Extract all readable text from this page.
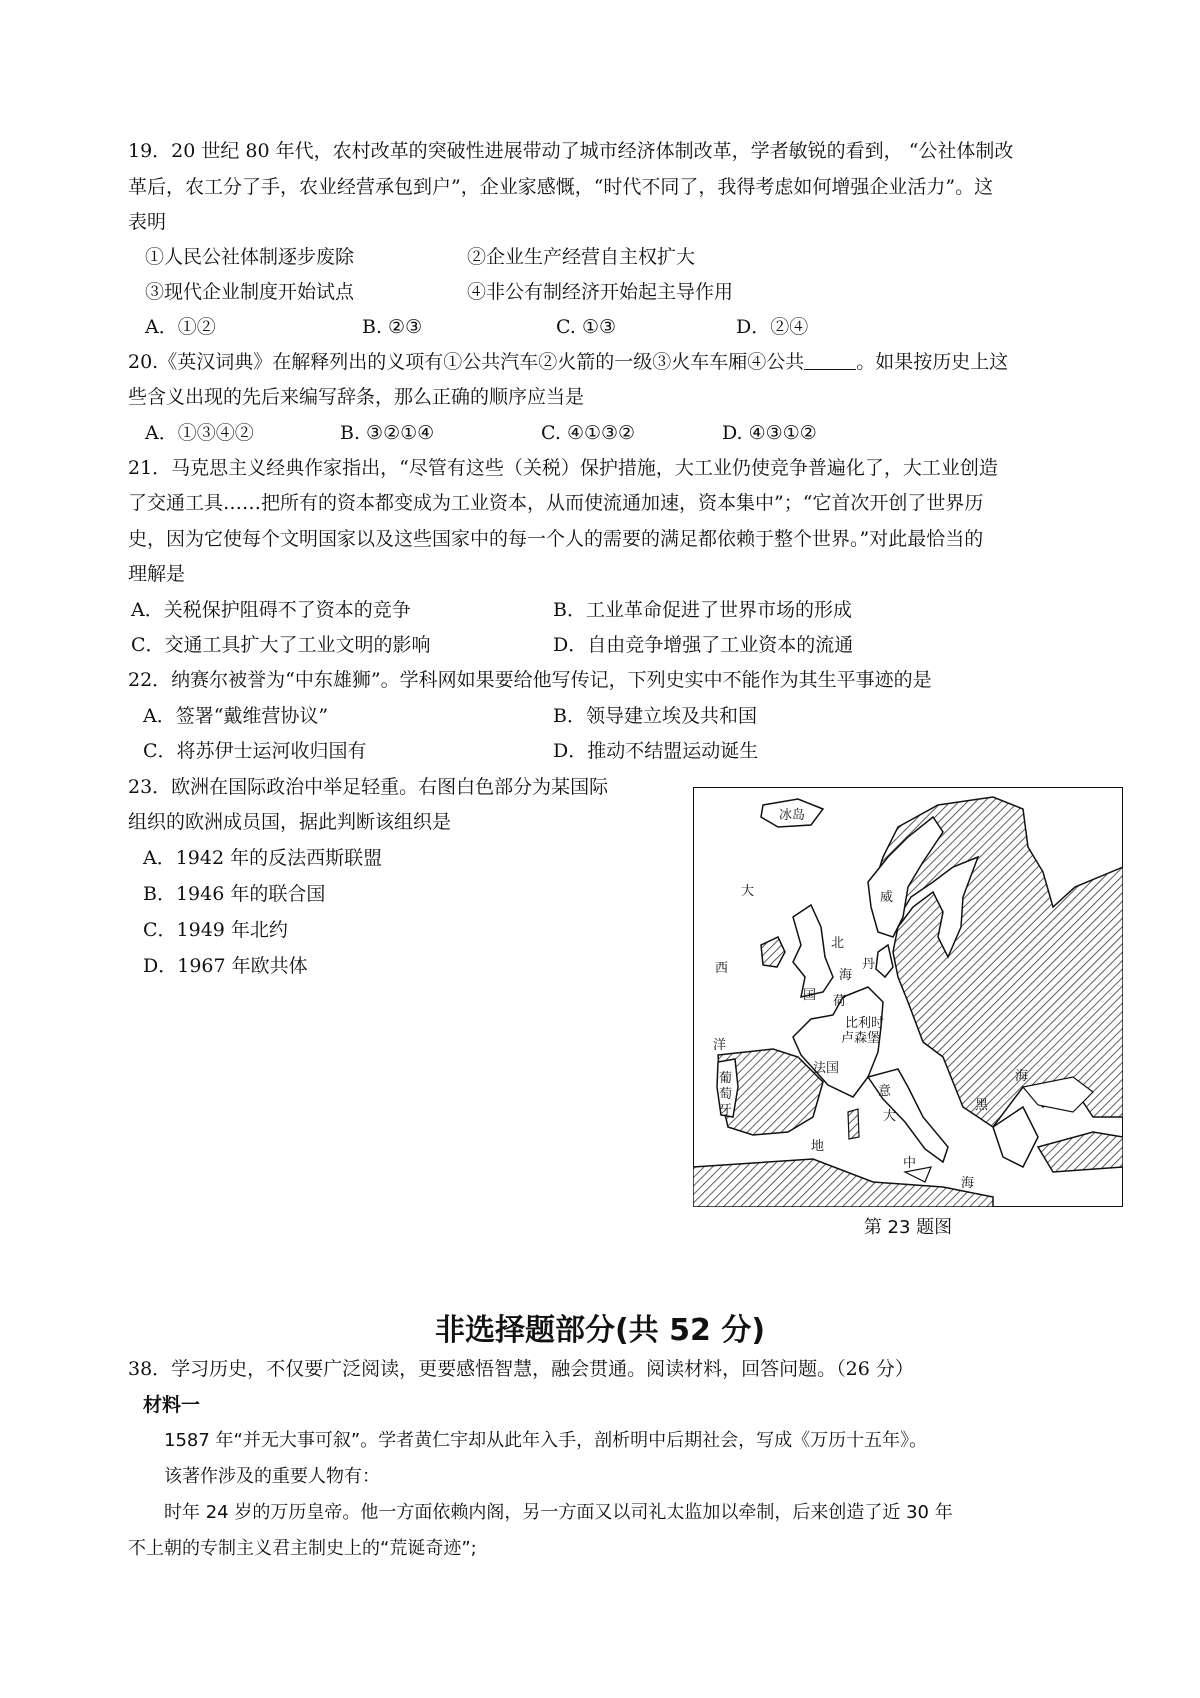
19．20 世纪 80 年代，农村改革的突破性进展带动了城市经济体制改革，学者敏锐的看到， “公社体制改
革后，农工分了手，农业经营承包到户”，企业家感慨，“时代不同了，我得考虑如何增强企业活力”。这
表明
①人民公社体制逐步废除	②企业生产经营自主权扩大
③现代企业制度开始试点	④非公有制经济开始起主导作用
A．①②	B. ②③	C. ①③	D．②④
20.《英汉词典》在解释列出的义项有①公共汽车②火箭的一级③火车车厢④公共	。如果按历史上这
些含义出现的先后来编写辞条，那么正确的顺序应当是
A．①③④②	B. ③②①④	C. ④①③②	D. ④③①②
21．马克思主义经典作家指出，“尽管有这些（关税）保护措施，大工业仍使竞争普遍化了，大工业创造
了交通工具……把所有的资本都变成为工业资本，从而使流通加速，资本集中”；“它首次开创了世界历
史，因为它使每个文明国家以及这些国家中的每一个人的需要的满足都依赖于整个世界。”对此最恰当的
理解是
A．关税保护阻碍不了资本的竞争	B．工业革命促进了世界市场的形成
C．交通工具扩大了工业文明的影响	D．自由竞争增强了工业资本的流通
22．纳赛尔被誉为“中东雄狮”。学科网如果要给他写传记，下列史实中不能作为其生平事迹的是
A．签署“戴维营协议”	B．领导建立埃及共和国
C．将苏伊士运河收归国有	D．推动不结盟运动诞生
23．欧洲在国际政治中举足轻重。右图白色部分为某国际
组织的欧洲成员国，据此判断该组织是
A．1942 年的反法西斯联盟
B．1946 年的联合国
C．1949 年北约
D．1967 年欧共体
冰岛
大
西
洋
威
北
海
丹
国 荷
比利时
卢森堡
法国
葡
萄
牙
意
大
地
中
海
黑
海
第 23 题图
非选择题部分(共 52 分)
38．学习历史，不仅要广泛阅读，更要感悟智慧，融会贯通。阅读材料，回答问题。（26 分）
材料一
1587 年“并无大事可叙”。学者黄仁宇却从此年入手，剖析明中后期社会，写成《万历十五年》。
该著作涉及的重要人物有：
时年 24 岁的万历皇帝。他一方面依赖内阁，另一方面又以司礼太监加以牵制，后来创造了近 30 年
不上朝的专制主义君主制史上的“荒诞奇迹”;
